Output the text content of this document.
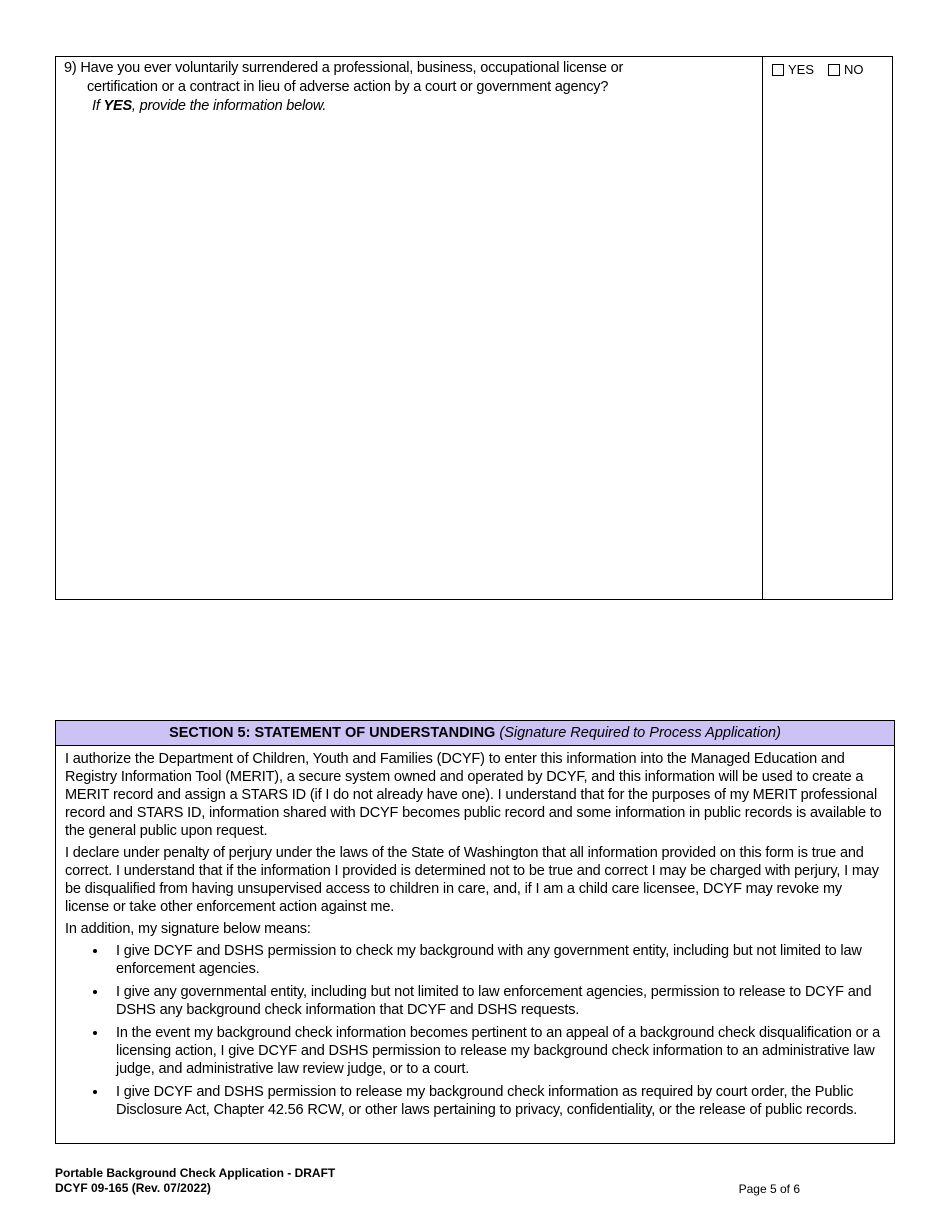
9) Have you ever voluntarily surrendered a professional, business, occupational license or
certification or a contract in lieu of adverse action by a court or government agency?
If YES, provide the information below.
YES NO
SECTION 5: STATEMENT OF UNDERSTANDING (Signature Required to Process Application)

I authorize the Department of Children, Youth and Families (DCYF) to enter this information into the Managed Education and Registry Information Tool (MERIT), a secure system owned and operated by DCYF, and this information will be used to create a MERIT record and assign a STARS ID (if I do not already have one). I understand that for the purposes of my MERIT professional record and STARS ID, information shared with DCYF becomes public record and some information in public records is available to the general public upon request.

I declare under penalty of perjury under the laws of the State of Washington that all information provided on this form is true and correct. I understand that if the information I provided is determined not to be true and correct I may be charged with perjury, I may be disqualified from having unsupervised access to children in care, and, if I am a child care licensee, DCYF may revoke my license or take other enforcement action against me.

In addition, my signature below means:

• I give DCYF and DSHS permission to check my background with any government entity, including but not limited to law enforcement agencies.
• I give any governmental entity, including but not limited to law enforcement agencies, permission to release to DCYF and DSHS any background check information that DCYF and DSHS requests.
• In the event my background check information becomes pertinent to an appeal of a background check disqualification or a licensing action, I give DCYF and DSHS permission to release my background check information to an administrative law judge, and administrative law review judge, or to a court.
• I give DCYF and DSHS permission to release my background check information as required by court order, the Public Disclosure Act, Chapter 42.56 RCW, or other laws pertaining to privacy, confidentiality, or the release of public records.
Portable Background Check Application - DRAFT
DCYF 09-165 (Rev. 07/2022)	Page 5 of 6
